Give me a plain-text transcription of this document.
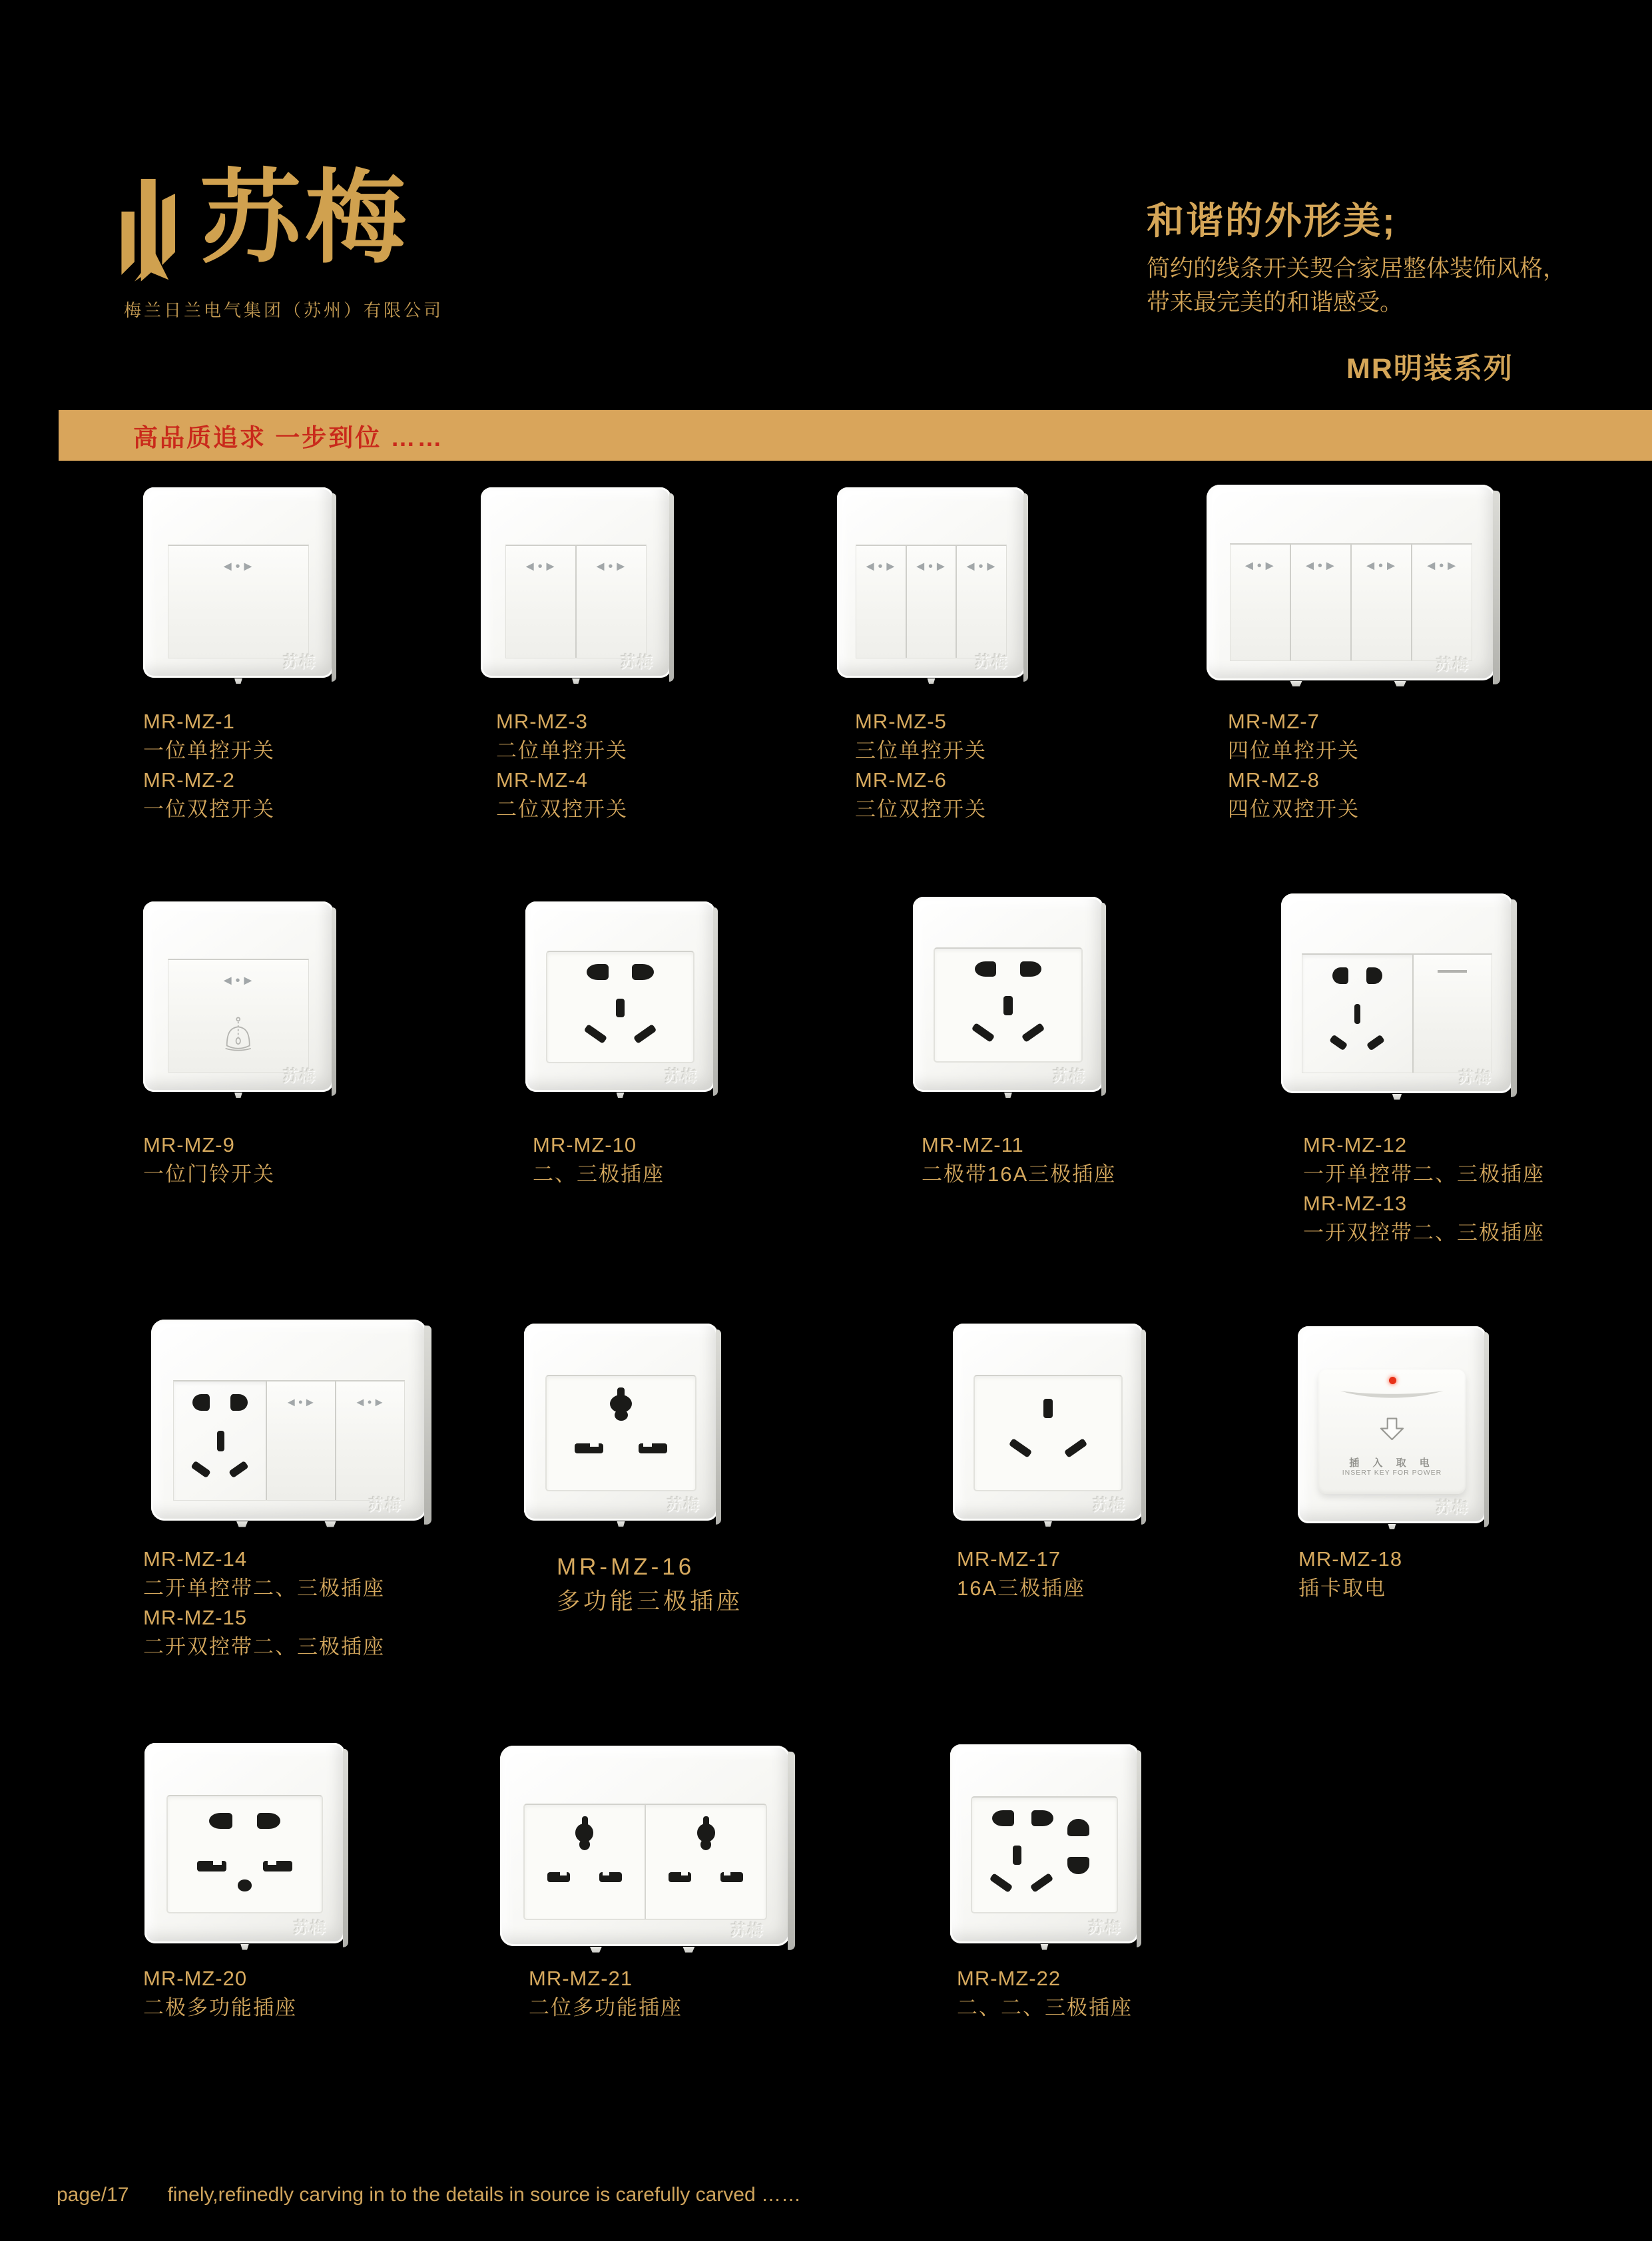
苏梅
梅兰日兰电气集团（苏州）有限公司
和谐的外形美;
简约的线条开关契合家居整体装饰风格，
带来最完美的和谐感受。
MR明装系列
高品质追求 一步到位 ……
◄•►
苏梅
◄•►	◄•►
苏梅
◄•► ◄•► ◄•►
苏梅
◄•► ◄•► ◄•► ◄•►
苏梅
MR-MZ-1
一位单控开关
MR-MZ-2
一位双控开关
MR-MZ-3
二位单控开关
MR-MZ-4
二位双控开关
MR-MZ-5
三位单控开关
MR-MZ-6
三位双控开关
MR-MZ-7
四位单控开关
MR-MZ-8
四位双控开关
◄•►
苏梅	苏梅	苏梅	苏梅
MR-MZ-9
一位门铃开关
MR-MZ-10
二、三极插座
MR-MZ-11
二极带16A三极插座
MR-MZ-12
一开单控带二、三极插座
MR-MZ-13
一开双控带二、三极插座
◄•►	◄•►
苏梅	苏梅	苏梅
插 入 取 电
INSERT KEY FOR POWER
苏梅
MR-MZ-14
二开单控带二、三极插座
MR-MZ-15
二开双控带二、三极插座
MR-MZ-16
多功能三极插座
MR-MZ-17
16A三极插座
MR-MZ-18
插卡取电
苏梅	苏梅	苏梅
MR-MZ-20
二极多功能插座
MR-MZ-21
二位多功能插座
MR-MZ-22
二、二、三极插座
page/17 finely,refinedly carving in to the details in source is carefully carved ……
